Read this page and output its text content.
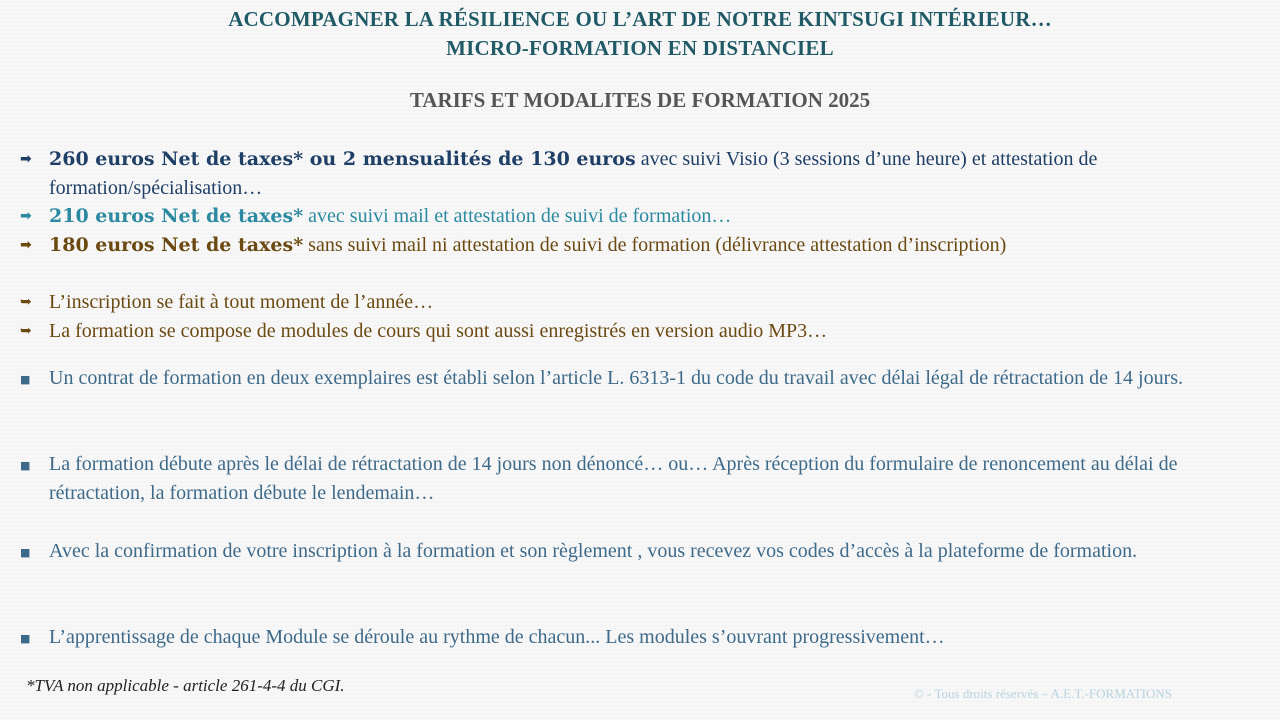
ACCOMPAGNER LA RÉSILIENCE OU L’ART DE NOTRE KINTSUGI INTÉRIEUR…
MICRO-FORMATION EN DISTANCIEL
TARIFS ET MODALITES DE FORMATION 2025
➡ 260 euros Net de taxes* ou 2 mensualités de 130 euros avec suivi Visio (3 sessions d’une heure) et attestation de formation/spécialisation…
➡ 210 euros Net de taxes* avec suivi mail et attestation de suivi de formation…
➡ 180 euros Net de taxes* sans suivi mail ni attestation de suivi de formation (délivrance attestation d’inscription)
➥ L’inscription se fait à tout moment de l’année…
➥ La formation se compose de modules de cours qui sont aussi enregistrés en version audio MP3…
■ Un contrat de formation en deux exemplaires est établi selon l’article L. 6313-1 du code du travail avec délai légal de rétractation de 14 jours.
■ La formation débute après le délai de rétractation de 14 jours non dénoncé… ou… Après réception du formulaire de renoncement au délai de rétractation, la formation débute le lendemain…
■ Avec la confirmation de votre inscription à la formation et son règlement , vous recevez vos codes d’accès à la plateforme de formation.
■ L’apprentissage de chaque Module se déroule au rythme de chacun... Les modules s’ouvrant progressivement…
*TVA non applicable - article 261-4-4 du CGI.	© - Tous droits réservés – A.E.T.-FORMATIONS
